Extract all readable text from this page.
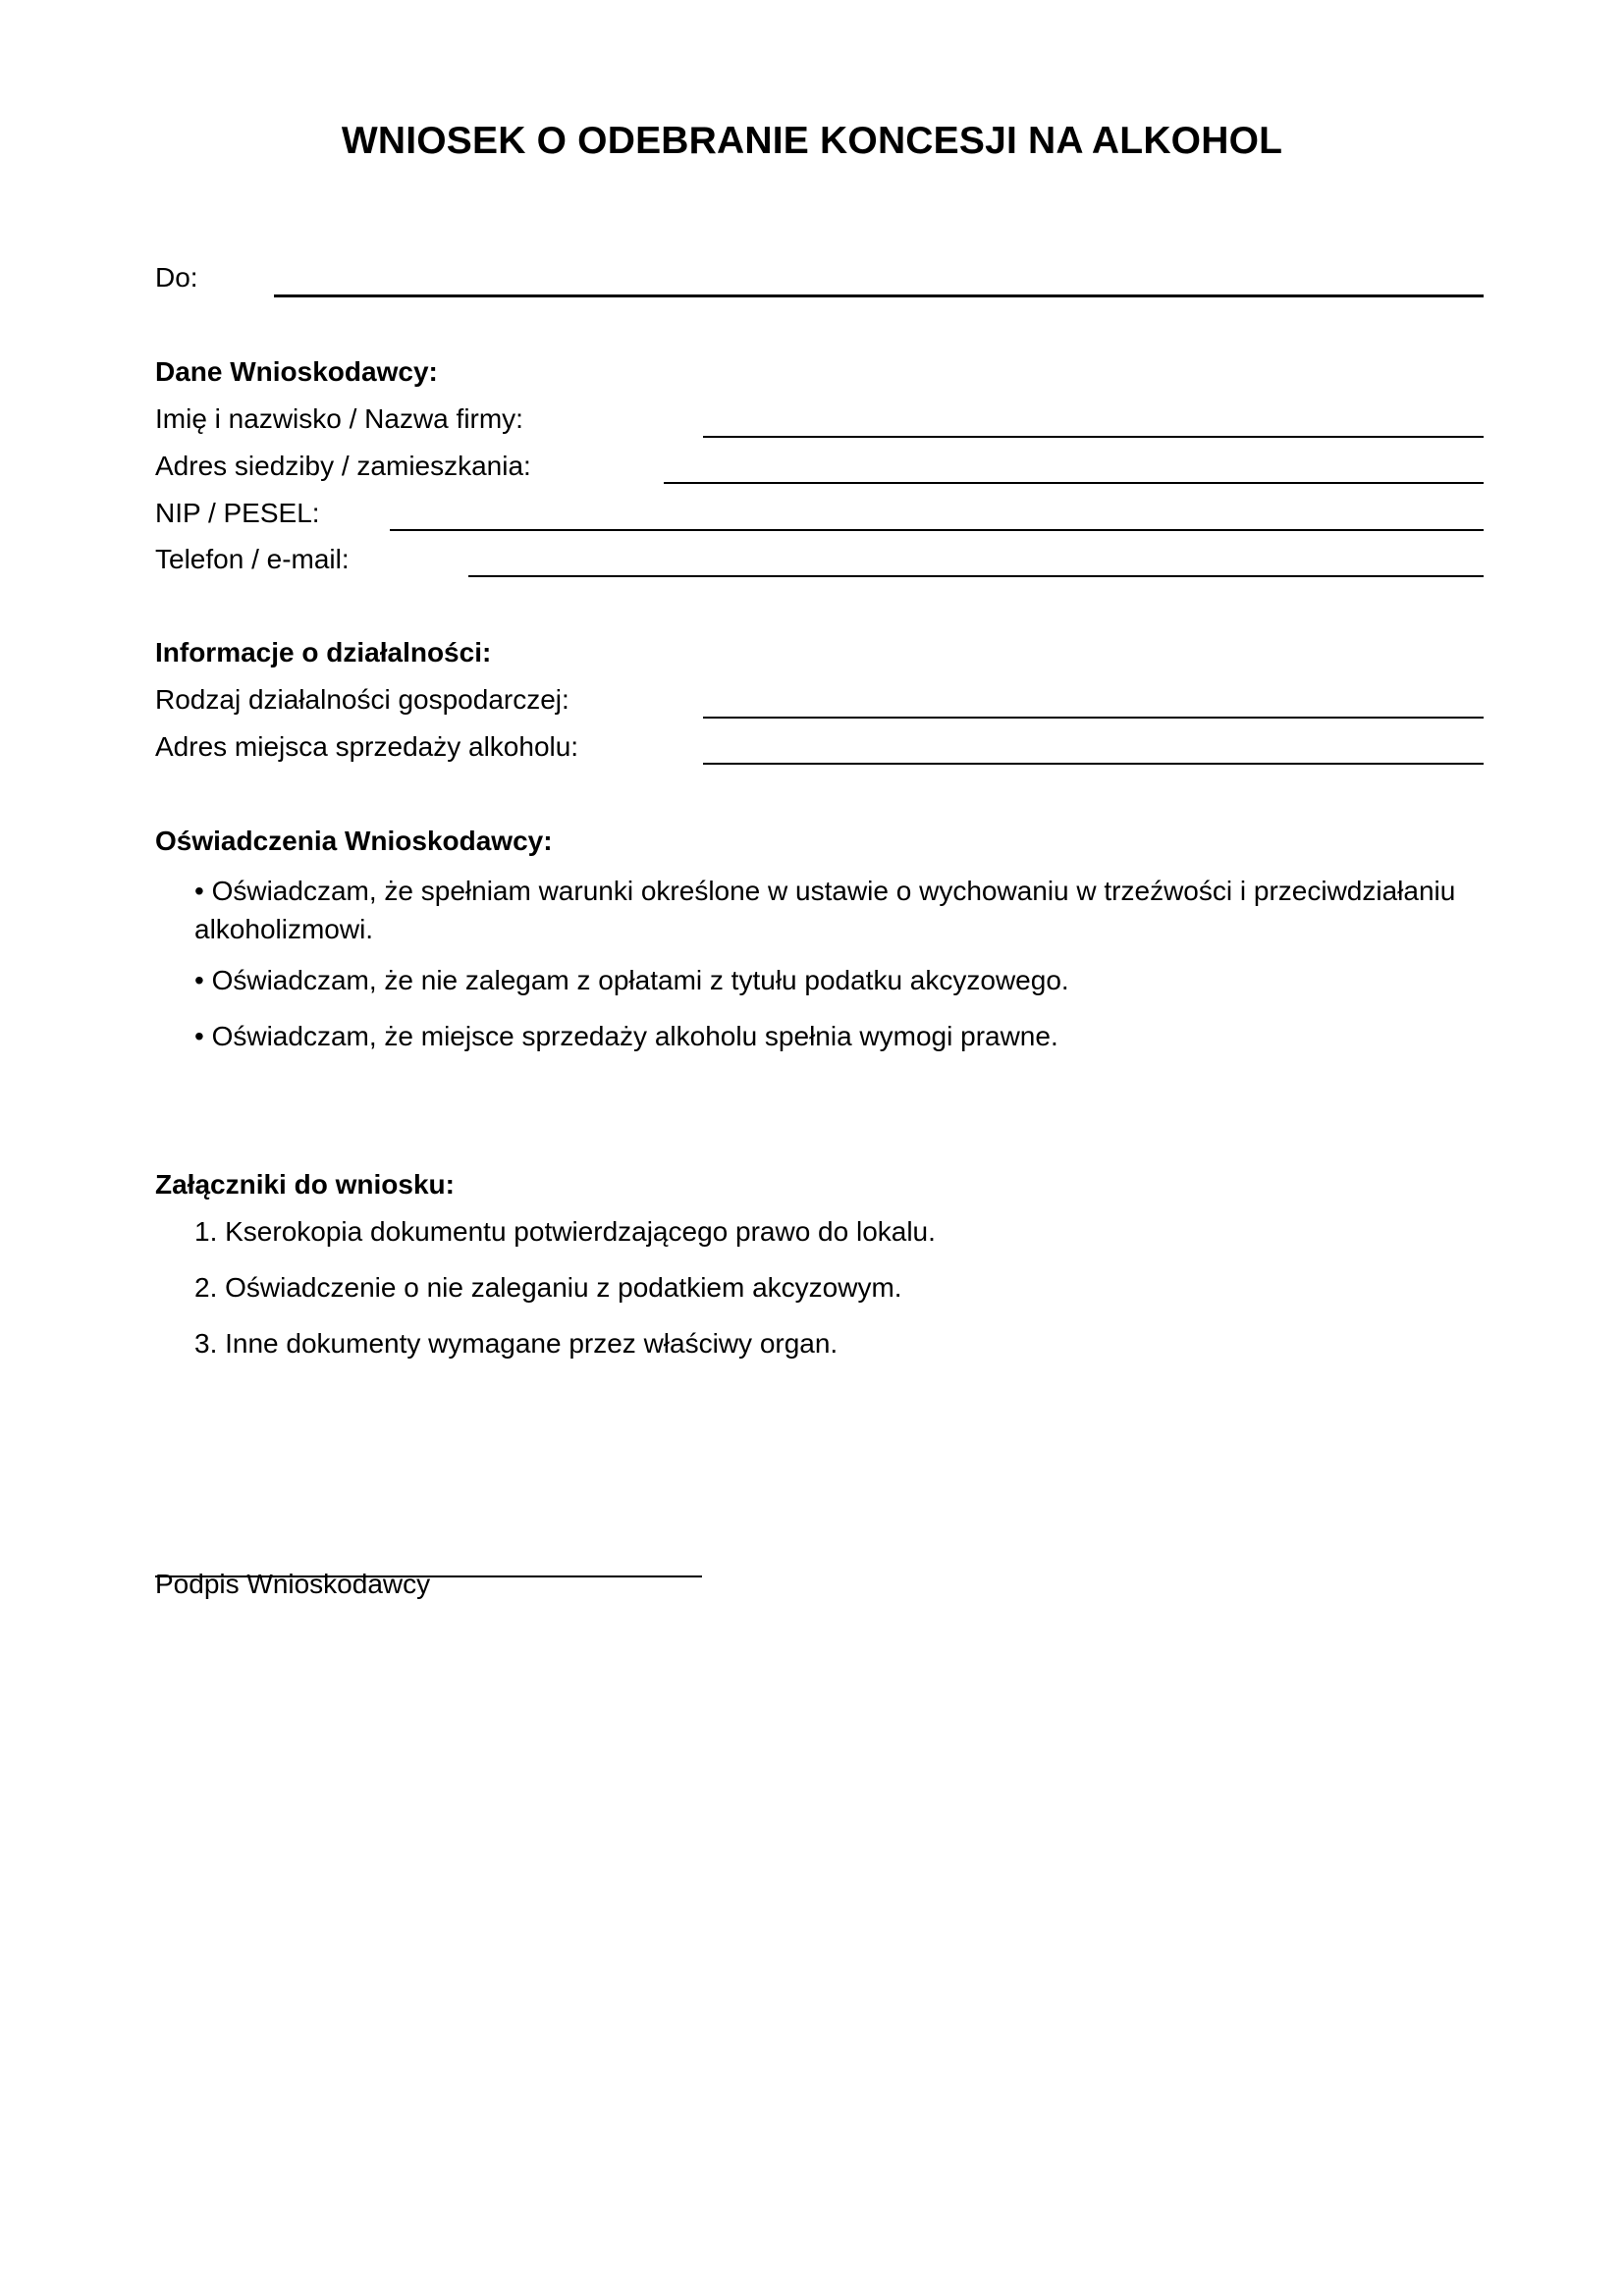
WNIOSEK O ODEBRANIE KONCESJI NA ALKOHOL
Do:
Dane Wnioskodawcy:
Imię i nazwisko / Nazwa firmy:
Adres siedziby / zamieszkania:
NIP / PESEL:
Telefon / e-mail:
Informacje o działalności:
Rodzaj działalności gospodarczej:
Adres miejsca sprzedaży alkoholu:
Oświadczenia Wnioskodawcy:
• Oświadczam, że spełniam warunki określone w ustawie o wychowaniu w trzeźwości i przeciwdziałaniu alkoholizmowi.
• Oświadczam, że nie zalegam z opłatami z tytułu podatku akcyzowego.
• Oświadczam, że miejsce sprzedaży alkoholu spełnia wymogi prawne.
Załączniki do wniosku:
1. Kserokopia dokumentu potwierdzającego prawo do lokalu.
2. Oświadczenie o nie zaleganiu z podatkiem akcyzowym.
3. Inne dokumenty wymagane przez właściwy organ.
Podpis Wnioskodawcy
